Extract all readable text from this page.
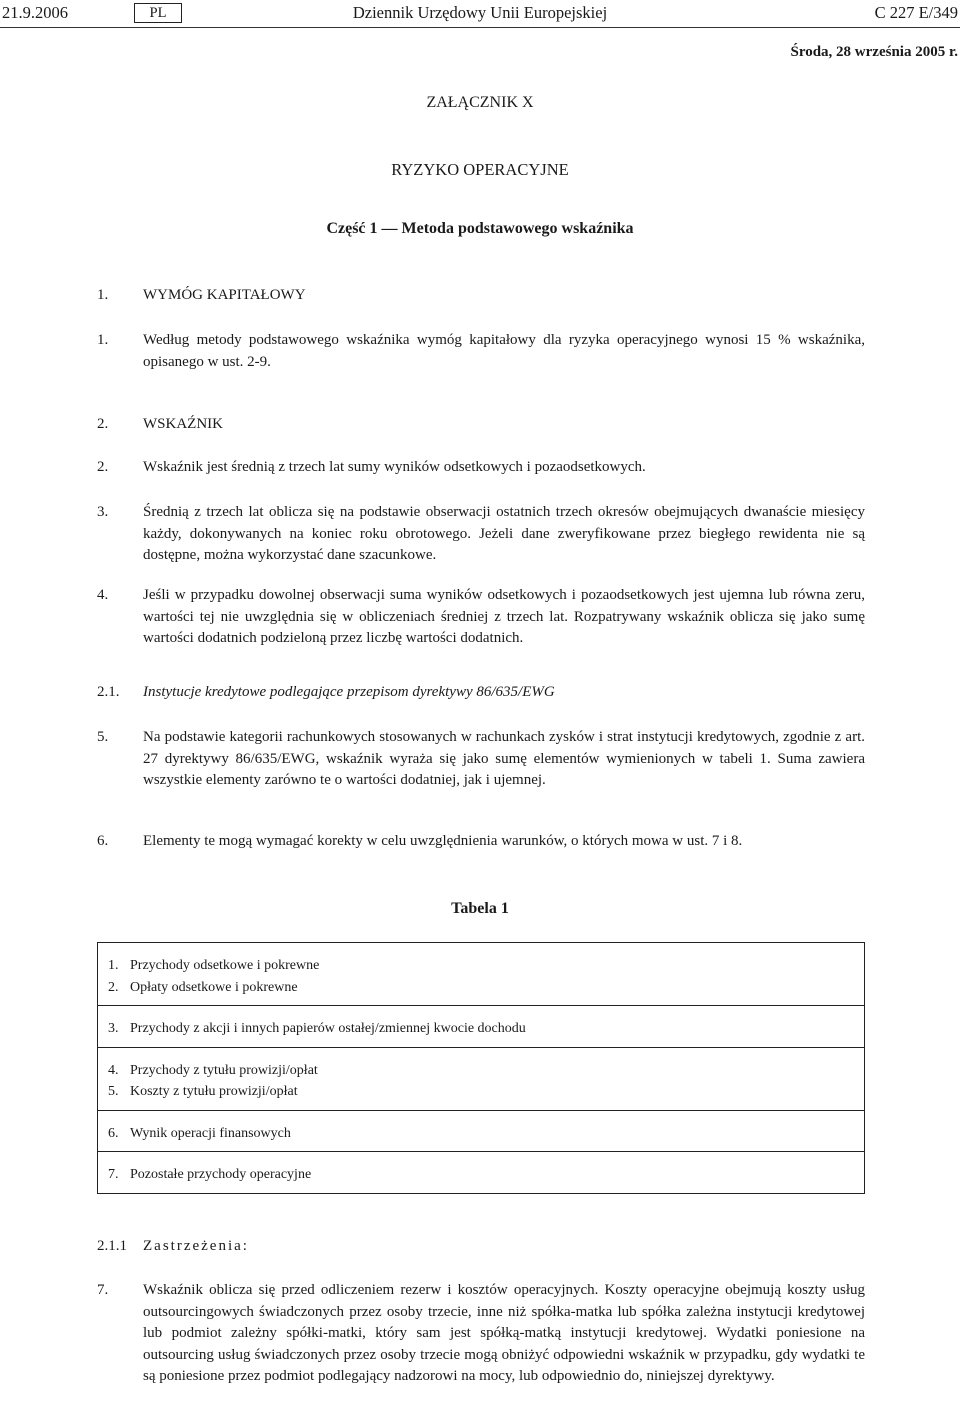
Dziennik Urzędowy Unii Europejskiej
21.9.2006	PL	C 227 E/349
Środa, 28 września 2005 r.
ZAŁĄCZNIK X
RYZYKO OPERACYJNE
Część 1 — Metoda podstawowego wskaźnika
1. WYMÓG KAPITAŁOWY
1. Według metody podstawowego wskaźnika wymóg kapitałowy dla ryzyka operacyjnego wynosi 15 % wskaźnika, opisanego w ust. 2-9.
2. WSKAŹNIK
2. Wskaźnik jest średnią z trzech lat sumy wyników odsetkowych i pozaodsetkowych.
3. Średnią z trzech lat oblicza się na podstawie obserwacji ostatnich trzech okresów obejmujących dwanaście miesięcy każdy, dokonywanych na koniec roku obrotowego. Jeżeli dane zweryfikowane przez biegłego rewidenta nie są dostępne, można wykorzystać dane szacunkowe.
4. Jeśli w przypadku dowolnej obserwacji suma wyników odsetkowych i pozaodsetkowych jest ujemna lub równa zeru, wartości tej nie uwzględnia się w obliczeniach średniej z trzech lat. Rozpatrywany wskaźnik oblicza się jako sumę wartości dodatnich podzieloną przez liczbę wartości dodatnich.
2.1. Instytucje kredytowe podlegające przepisom dyrektywy 86/635/EWG
5. Na podstawie kategorii rachunkowych stosowanych w rachunkach zysków i strat instytucji kredytowych, zgodnie z art. 27 dyrektywy 86/635/EWG, wskaźnik wyraża się jako sumę elementów wymienionych w tabeli 1. Suma zawiera wszystkie elementy zarówno te o wartości dodatniej, jak i ujemnej.
6. Elementy te mogą wymagać korekty w celu uwzględnienia warunków, o których mowa w ust. 7 i 8.
Tabela 1
1. Przychody odsetkowe i pokrewne
2. Opłaty odsetkowe i pokrewne
3. Przychody z akcji i innych papierów ostałej/zmiennej kwocie dochodu
4. Przychody z tytułu prowizji/opłat
5. Koszty z tytułu prowizji/opłat
6. Wynik operacji finansowych
7. Pozostałe przychody operacyjne
2.1.1 Zastrzeżenia:
7. Wskaźnik oblicza się przed odliczeniem rezerw i kosztów operacyjnych. Koszty operacyjne obejmują koszty usług outsourcingowych świadczonych przez osoby trzecie, inne niż spółka-matka lub spółka zależna instytucji kredytowej lub podmiot zależny spółki-matki, który sam jest spółką-matką instytucji kredytowej. Wydatki poniesione na outsourcing usług świadczonych przez osoby trzecie mogą obniżyć odpowiedni wskaźnik w przypadku, gdy wydatki te są poniesione przez podmiot podlegający nadzorowi na mocy, lub odpowiednio do, niniejszej dyrektywy.
